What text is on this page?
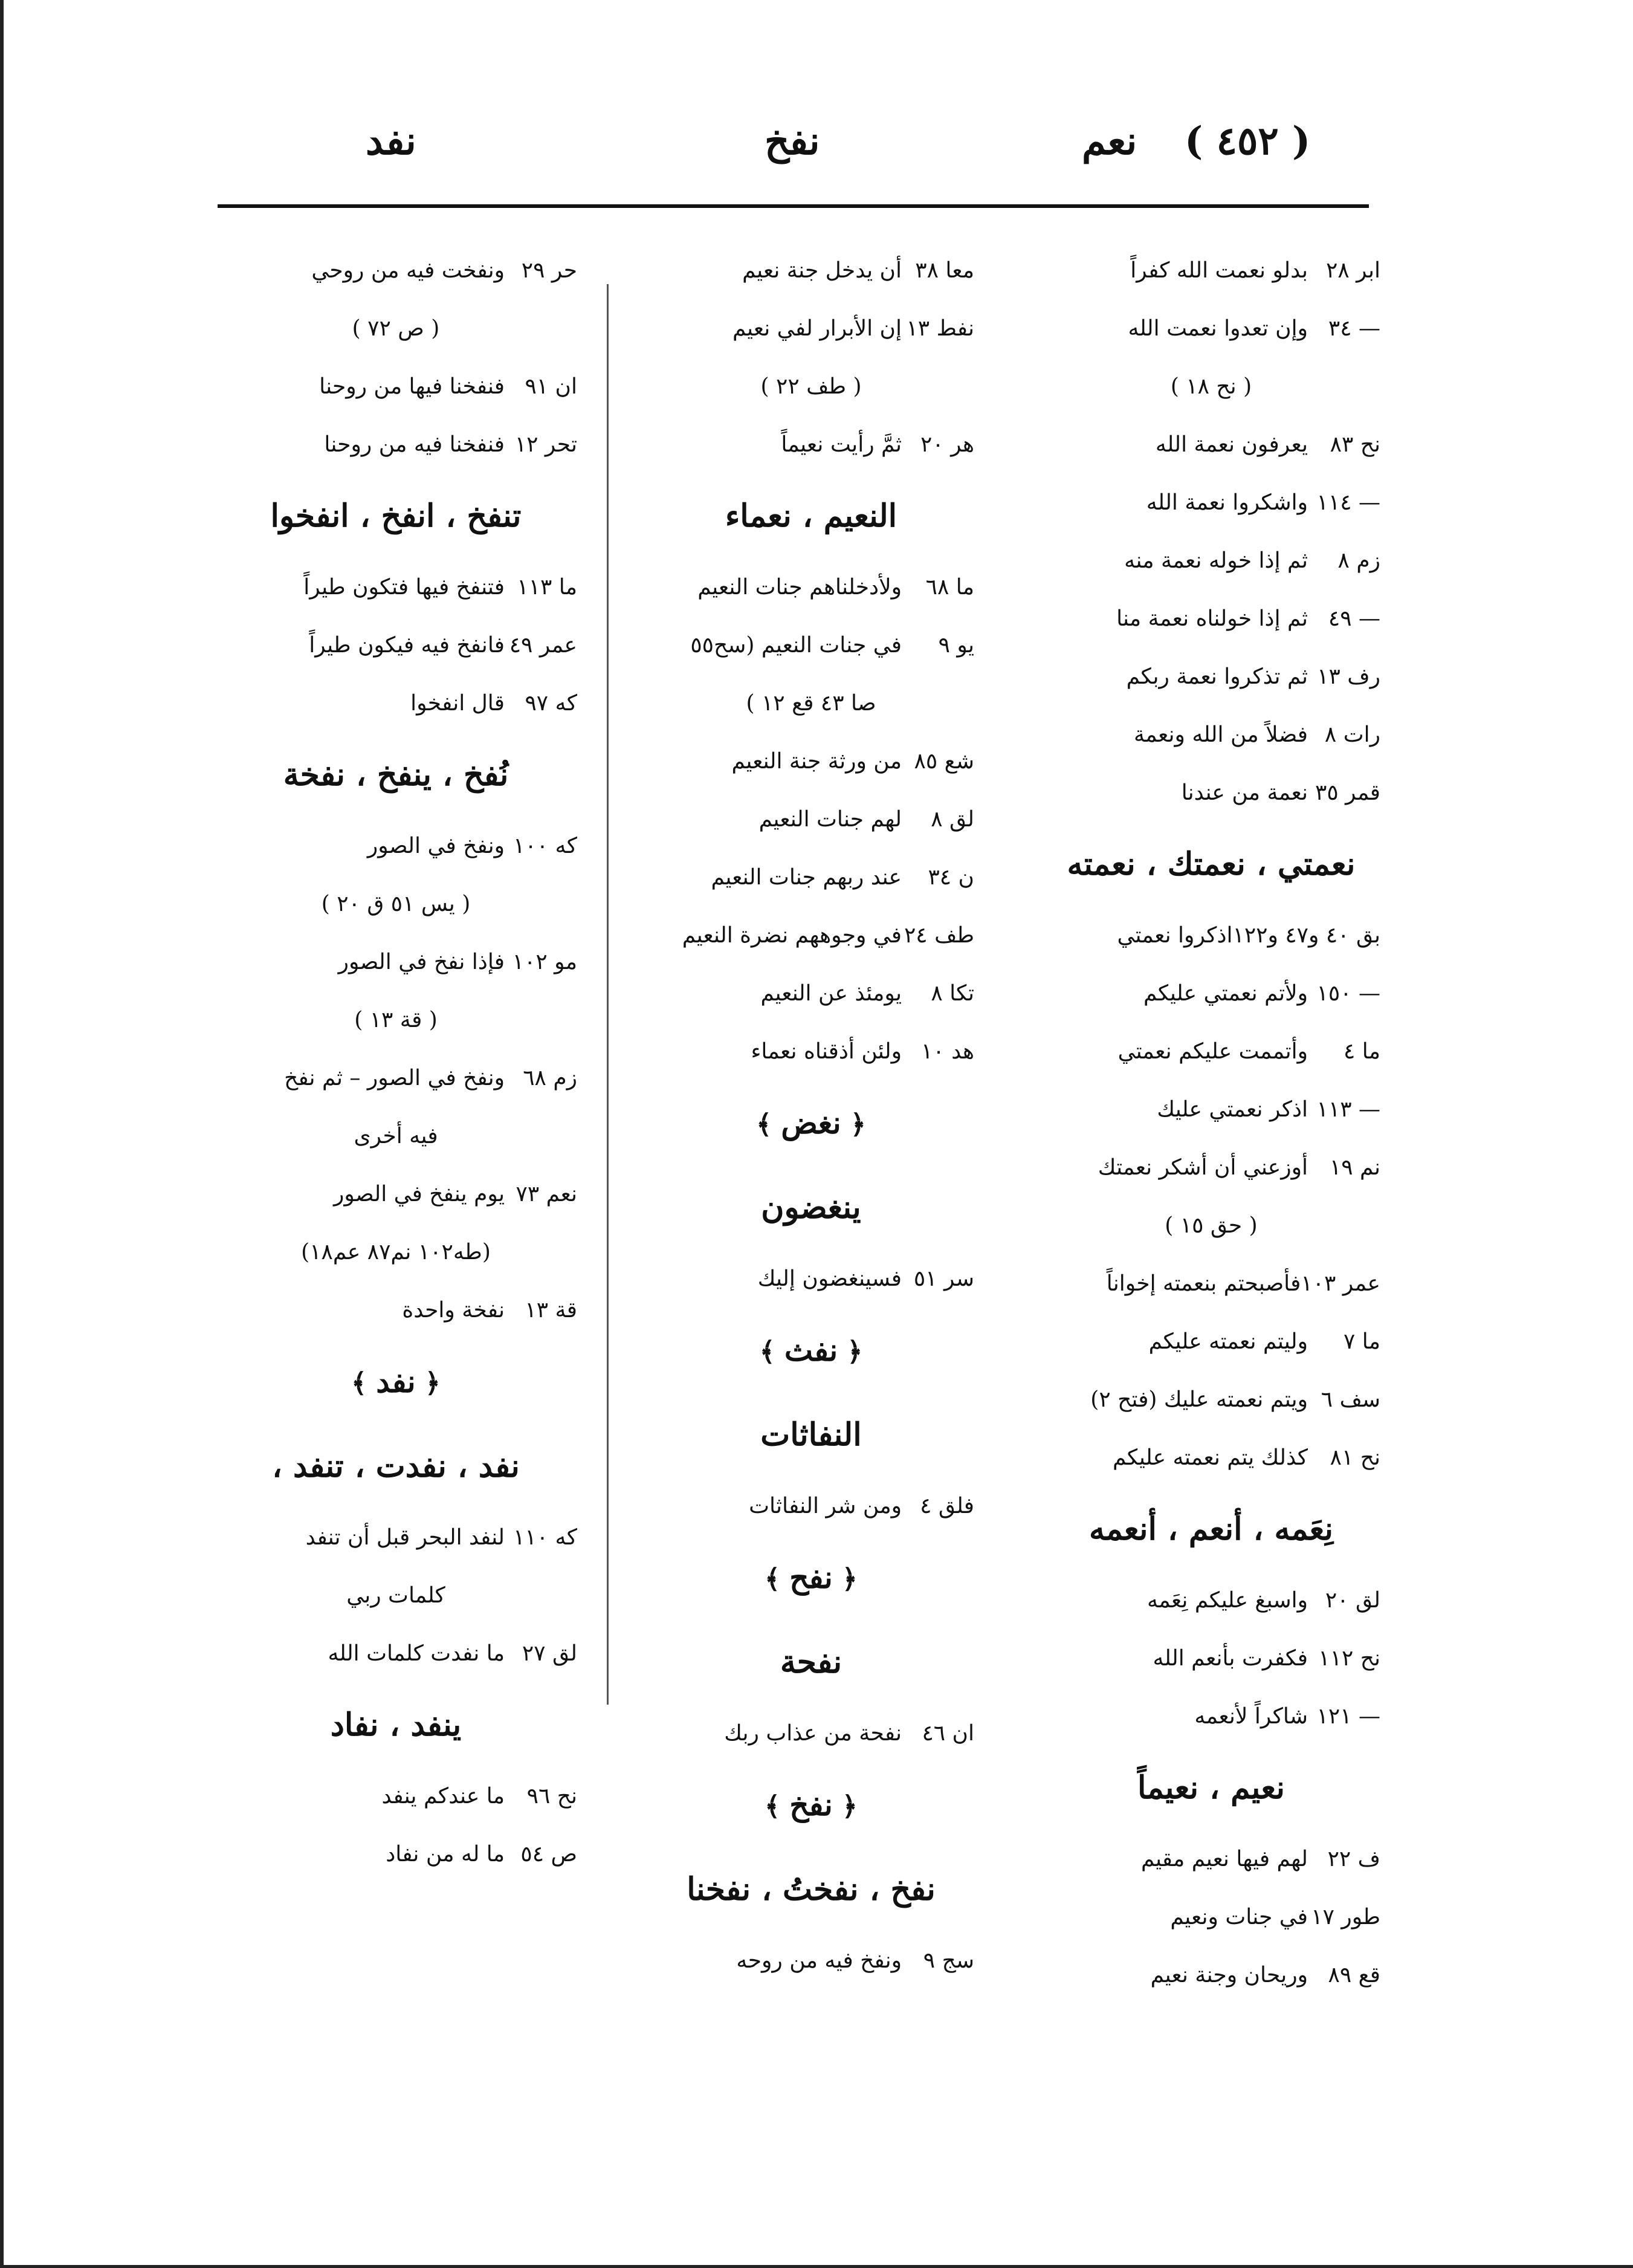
( ٤٥٢ )
نعم
نفخ
نفد
ابر ٢٨بدلو نعمت الله كفراً
— ٣٤وإن تعدوا نعمت الله
( نح ١٨ )
نح ٨٣يعرفون نعمة الله
— ١١٤واشكروا نعمة الله
زم ٨ثم إذا خوله نعمة منه
— ٤٩ثم إذا خولناه نعمة منا
رف ١٣ثم تذكروا نعمة ربكم
رات ٨فضلاً من الله ونعمة
قمر ٣٥نعمة من عندنا
نعمتي ، نعمتك ، نعمته
بق ٤٠ و٤٧ و١٢٢اذكروا نعمتي
— ١٥٠ولأتم نعمتي عليكم
ما ٤وأتممت عليكم نعمتي
— ١١٣اذكر نعمتي عليك
نم ١٩أوزعني أن أشكر نعمتك
( حق ١٥ )
عمر ١٠٣فأصبحتم بنعمته إخواناً
ما ٧وليتم نعمته عليكم
سف ٦ويتم نعمته عليك (فتح ٢)
نح ٨١كذلك يتم نعمته عليكم
نِعَمه ، أنعم ، أنعمه
لق ٢٠واسبغ عليكم نِعَمه
نح ١١٢فكفرت بأنعم الله
— ١٢١شاكراً لأنعمه
نعيم ، نعيماً
ف ٢٢لهم فيها نعيم مقيم
طور ١٧في جنات ونعيم
قع ٨٩وريحان وجنة نعيم
معا ٣٨أن يدخل جنة نعيم
نفط ١٣إن الأبرار لفي نعيم
( طف ٢٢ )
هر ٢٠ثمَّ رأيت نعيماً
النعيم ، نعماء
ما ٦٨ولأدخلناهم جنات النعيم
يو ٩في جنات النعيم (سح٥٥
صا ٤٣ قع ١٢ )
شع ٨٥من ورثة جنة النعيم
لق ٨لهم جنات النعيم
ن ٣٤عند ربهم جنات النعيم
طف ٢٤في وجوههم نضرة النعيم
تكا ٨يومئذ عن النعيم
هد ١٠ولئن أذقناه نعماء
﴿ نغض ﴾
ينغضون
سر ٥١فسينغضون إليك
﴿ نفث ﴾
النفاثات
فلق ٤ومن شر النفاثات
﴿ نفح ﴾
نفحة
ان ٤٦نفحة من عذاب ربك
﴿ نفخ ﴾
نفخ ، نفختُ ، نفخنا
سج ٩ونفخ فيه من روحه
حر ٢٩ونفخت فيه من روحي
( ص ٧٢ )
ان ٩١فنفخنا فيها من روحنا
تحر ١٢فنفخنا فيه من روحنا
تنفخ ، انفخ ، انفخوا
ما ١١٣فتنفخ فيها فتكون طيراً
عمر ٤٩فانفخ فيه فيكون طيراً
كه ٩٧قال انفخوا
نُفخ ، ينفخ ، نفخة
كه ١٠٠ونفخ في الصور
( يس ٥١ ق ٢٠ )
مو ١٠٢فإذا نفخ في الصور
( قة ١٣ )
زم ٦٨ونفخ في الصور – ثم نفخ
فيه أخرى
نعم ٧٣يوم ينفخ في الصور
(طه١٠٢ نم٨٧ عم١٨)
قة ١٣نفخة واحدة
﴿ نفد ﴾
نفد ، نفدت ، تنفد ،
كه ١١٠لنفد البحر قبل أن تنفد
كلمات ربي
لق ٢٧ما نفدت كلمات الله
ينفد ، نفاد
نح ٩٦ما عندكم ينفد
ص ٥٤ما له من نفاد
